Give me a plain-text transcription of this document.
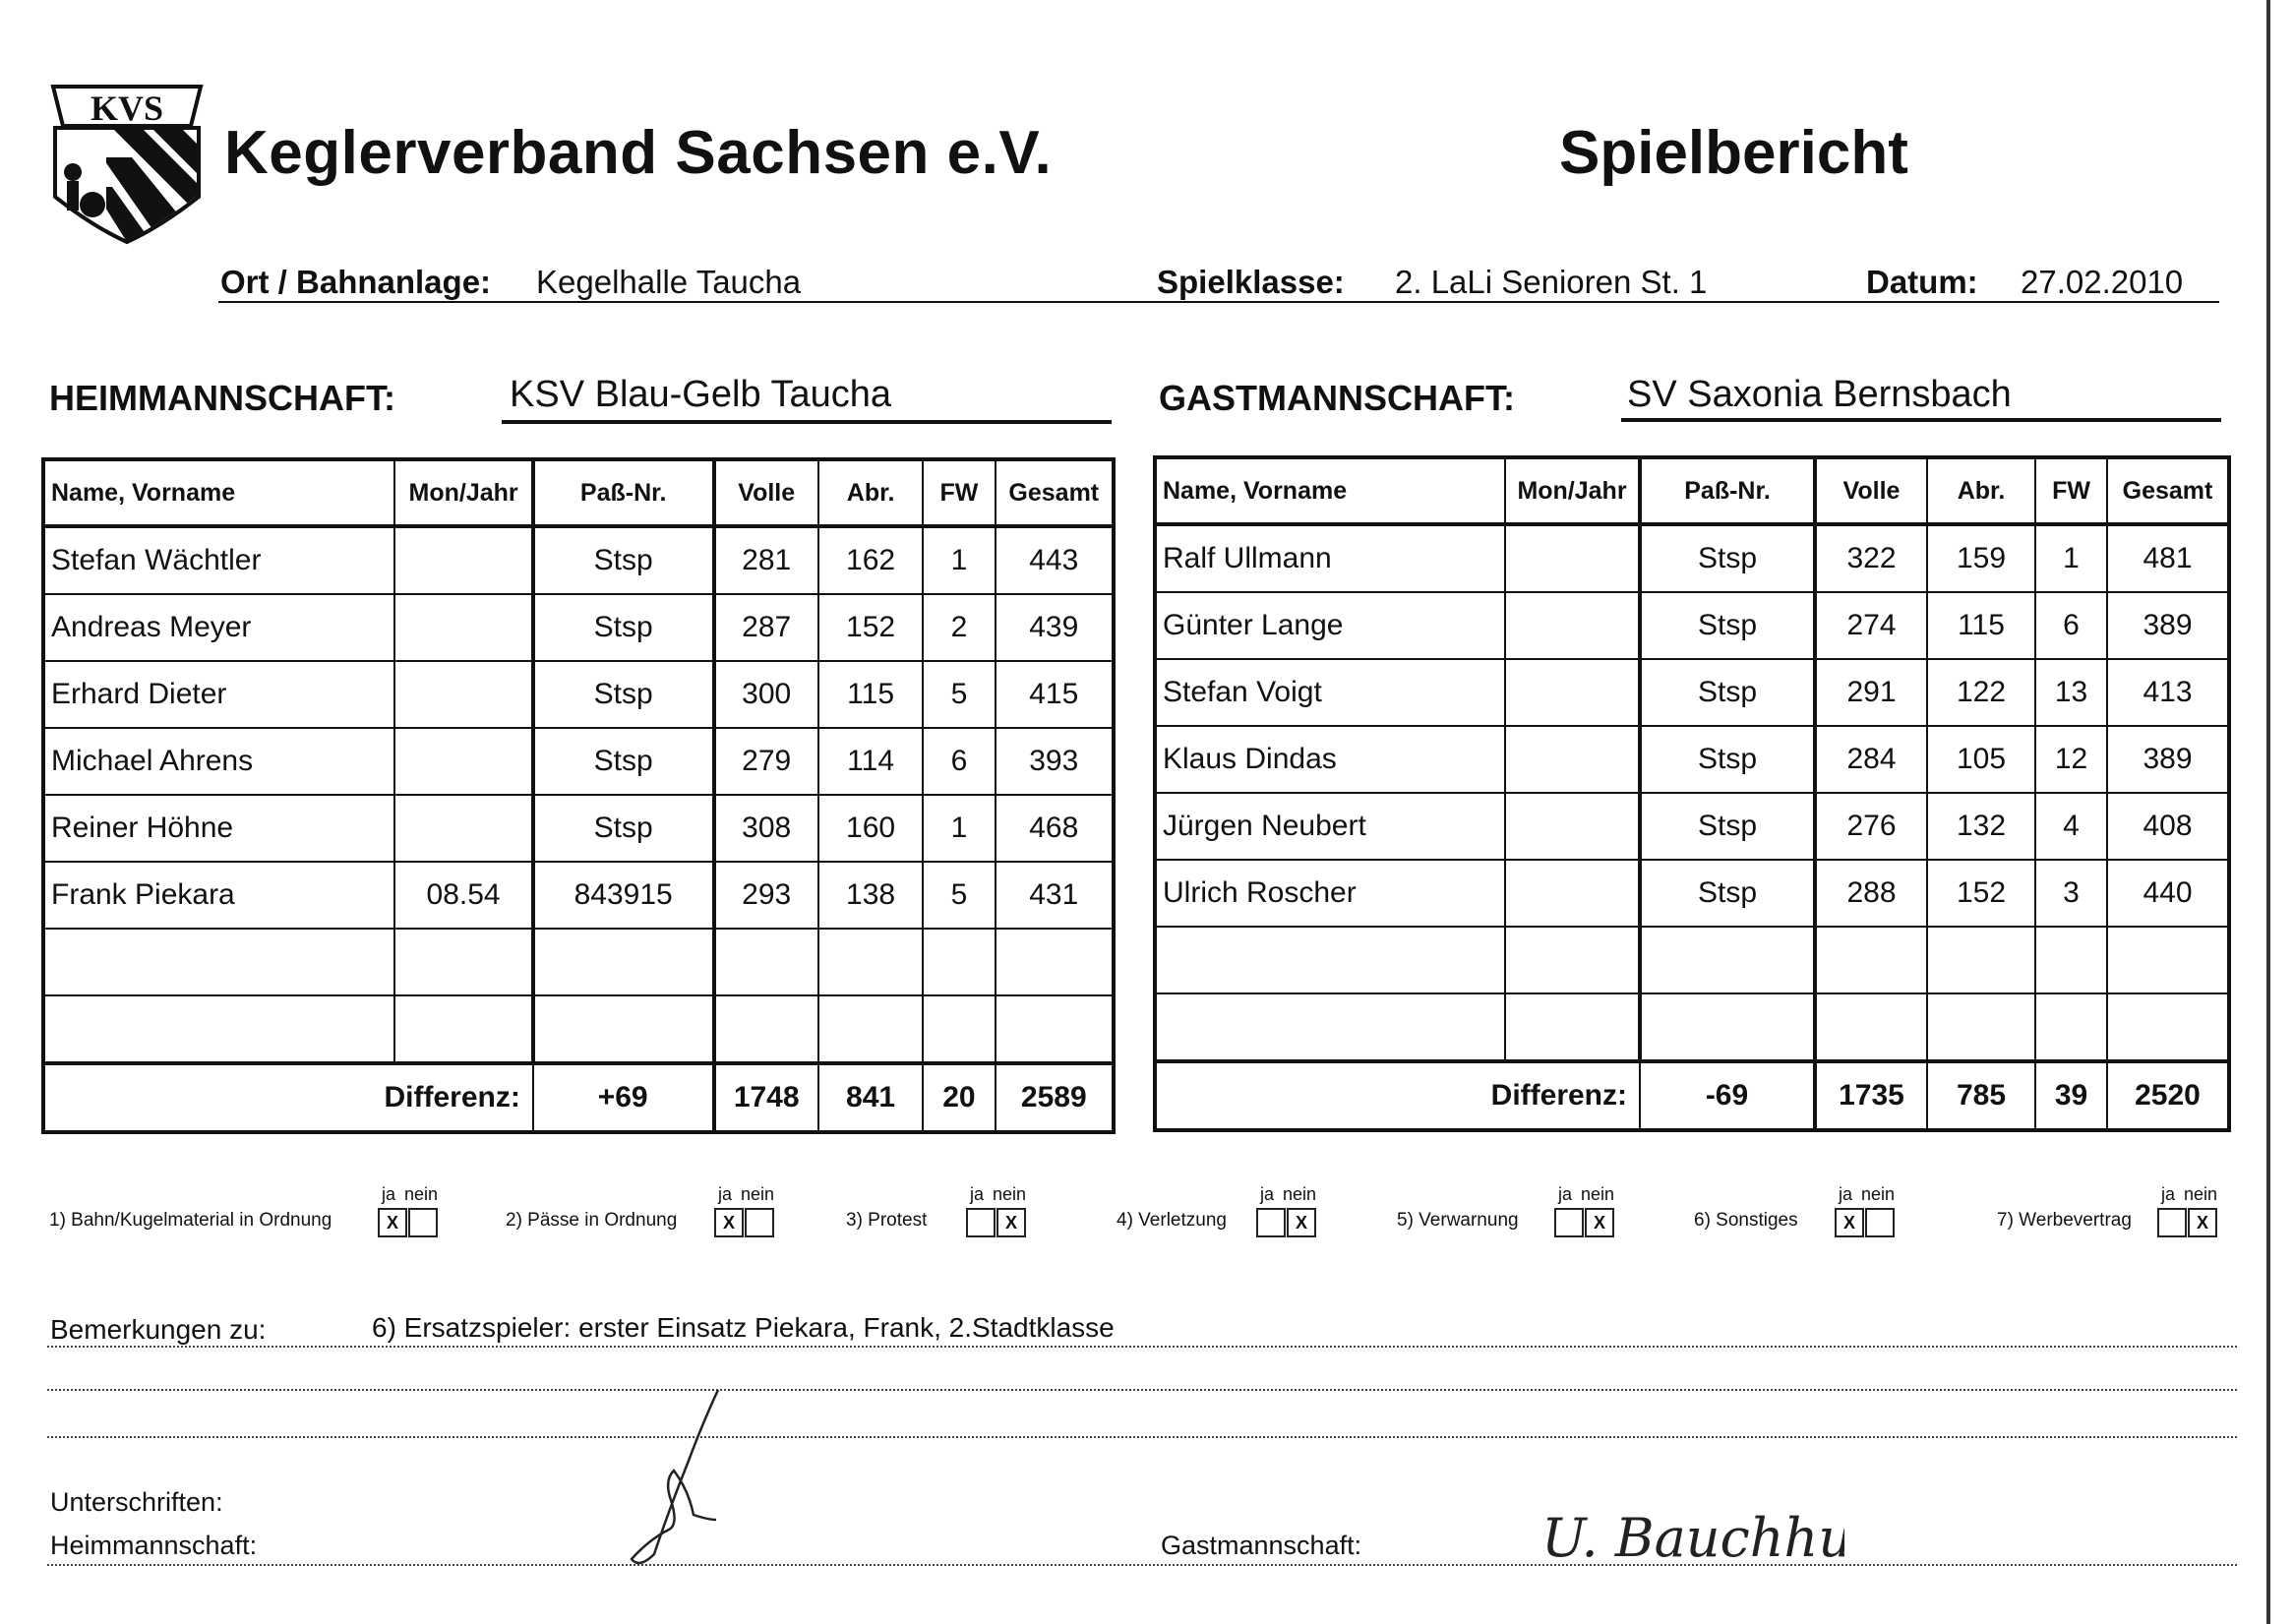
KVS
Keglerverband Sachsen e.V.	Spielbericht
Ort / Bahnanlage: Kegelhalle Taucha	Spielklasse: 2. LaLi Senioren St. 1	Datum: 27.02.2010
HEIMMANNSCHAFT:	KSV Blau-Gelb Taucha	GASTMANNSCHAFT:	SV Saxonia Bernsbach
Name, Vorname	Mon/Jahr	Paß-Nr.	Volle	Abr.	FW	Gesamt
Stefan Wächtler		Stsp	281	162	1	443
Andreas Meyer		Stsp	287	152	2	439
Erhard Dieter		Stsp	300	115	5	415
Michael Ahrens		Stsp	279	114	6	393
Reiner Höhne		Stsp	308	160	1	468
Frank Piekara	08.54	843915	293	138	5	431

Differenz:		+69	1748	841	20	2589
Name, Vorname	Mon/Jahr	Paß-Nr.	Volle	Abr.	FW	Gesamt
Ralf Ullmann		Stsp	322	159	1	481
Günter Lange		Stsp	274	115	6	389
Stefan Voigt		Stsp	291	122	13	413
Klaus Dindas		Stsp	284	105	12	389
Jürgen Neubert		Stsp	276	132	4	408
Ulrich Roscher		Stsp	288	152	3	440

Differenz:		-69	1735	785	39	2520
1) Bahn/Kugelmaterial in Ordnung
ja nein
X	2) Pässe in Ordnung
ja nein
X	3) Protest
ja nein
X	4) Verletzung
ja nein
X	5) Verwarnung
ja nein
X	6) Sonstiges
ja nein
X	7) Werbevertrag
ja nein
X
Bemerkungen zu:	6) Ersatzspieler: erster Einsatz Piekara, Frank, 2.Stadtklasse
Unterschriften:
Heimmannschaft:	Gastmannschaft:	U. Bauchhut
